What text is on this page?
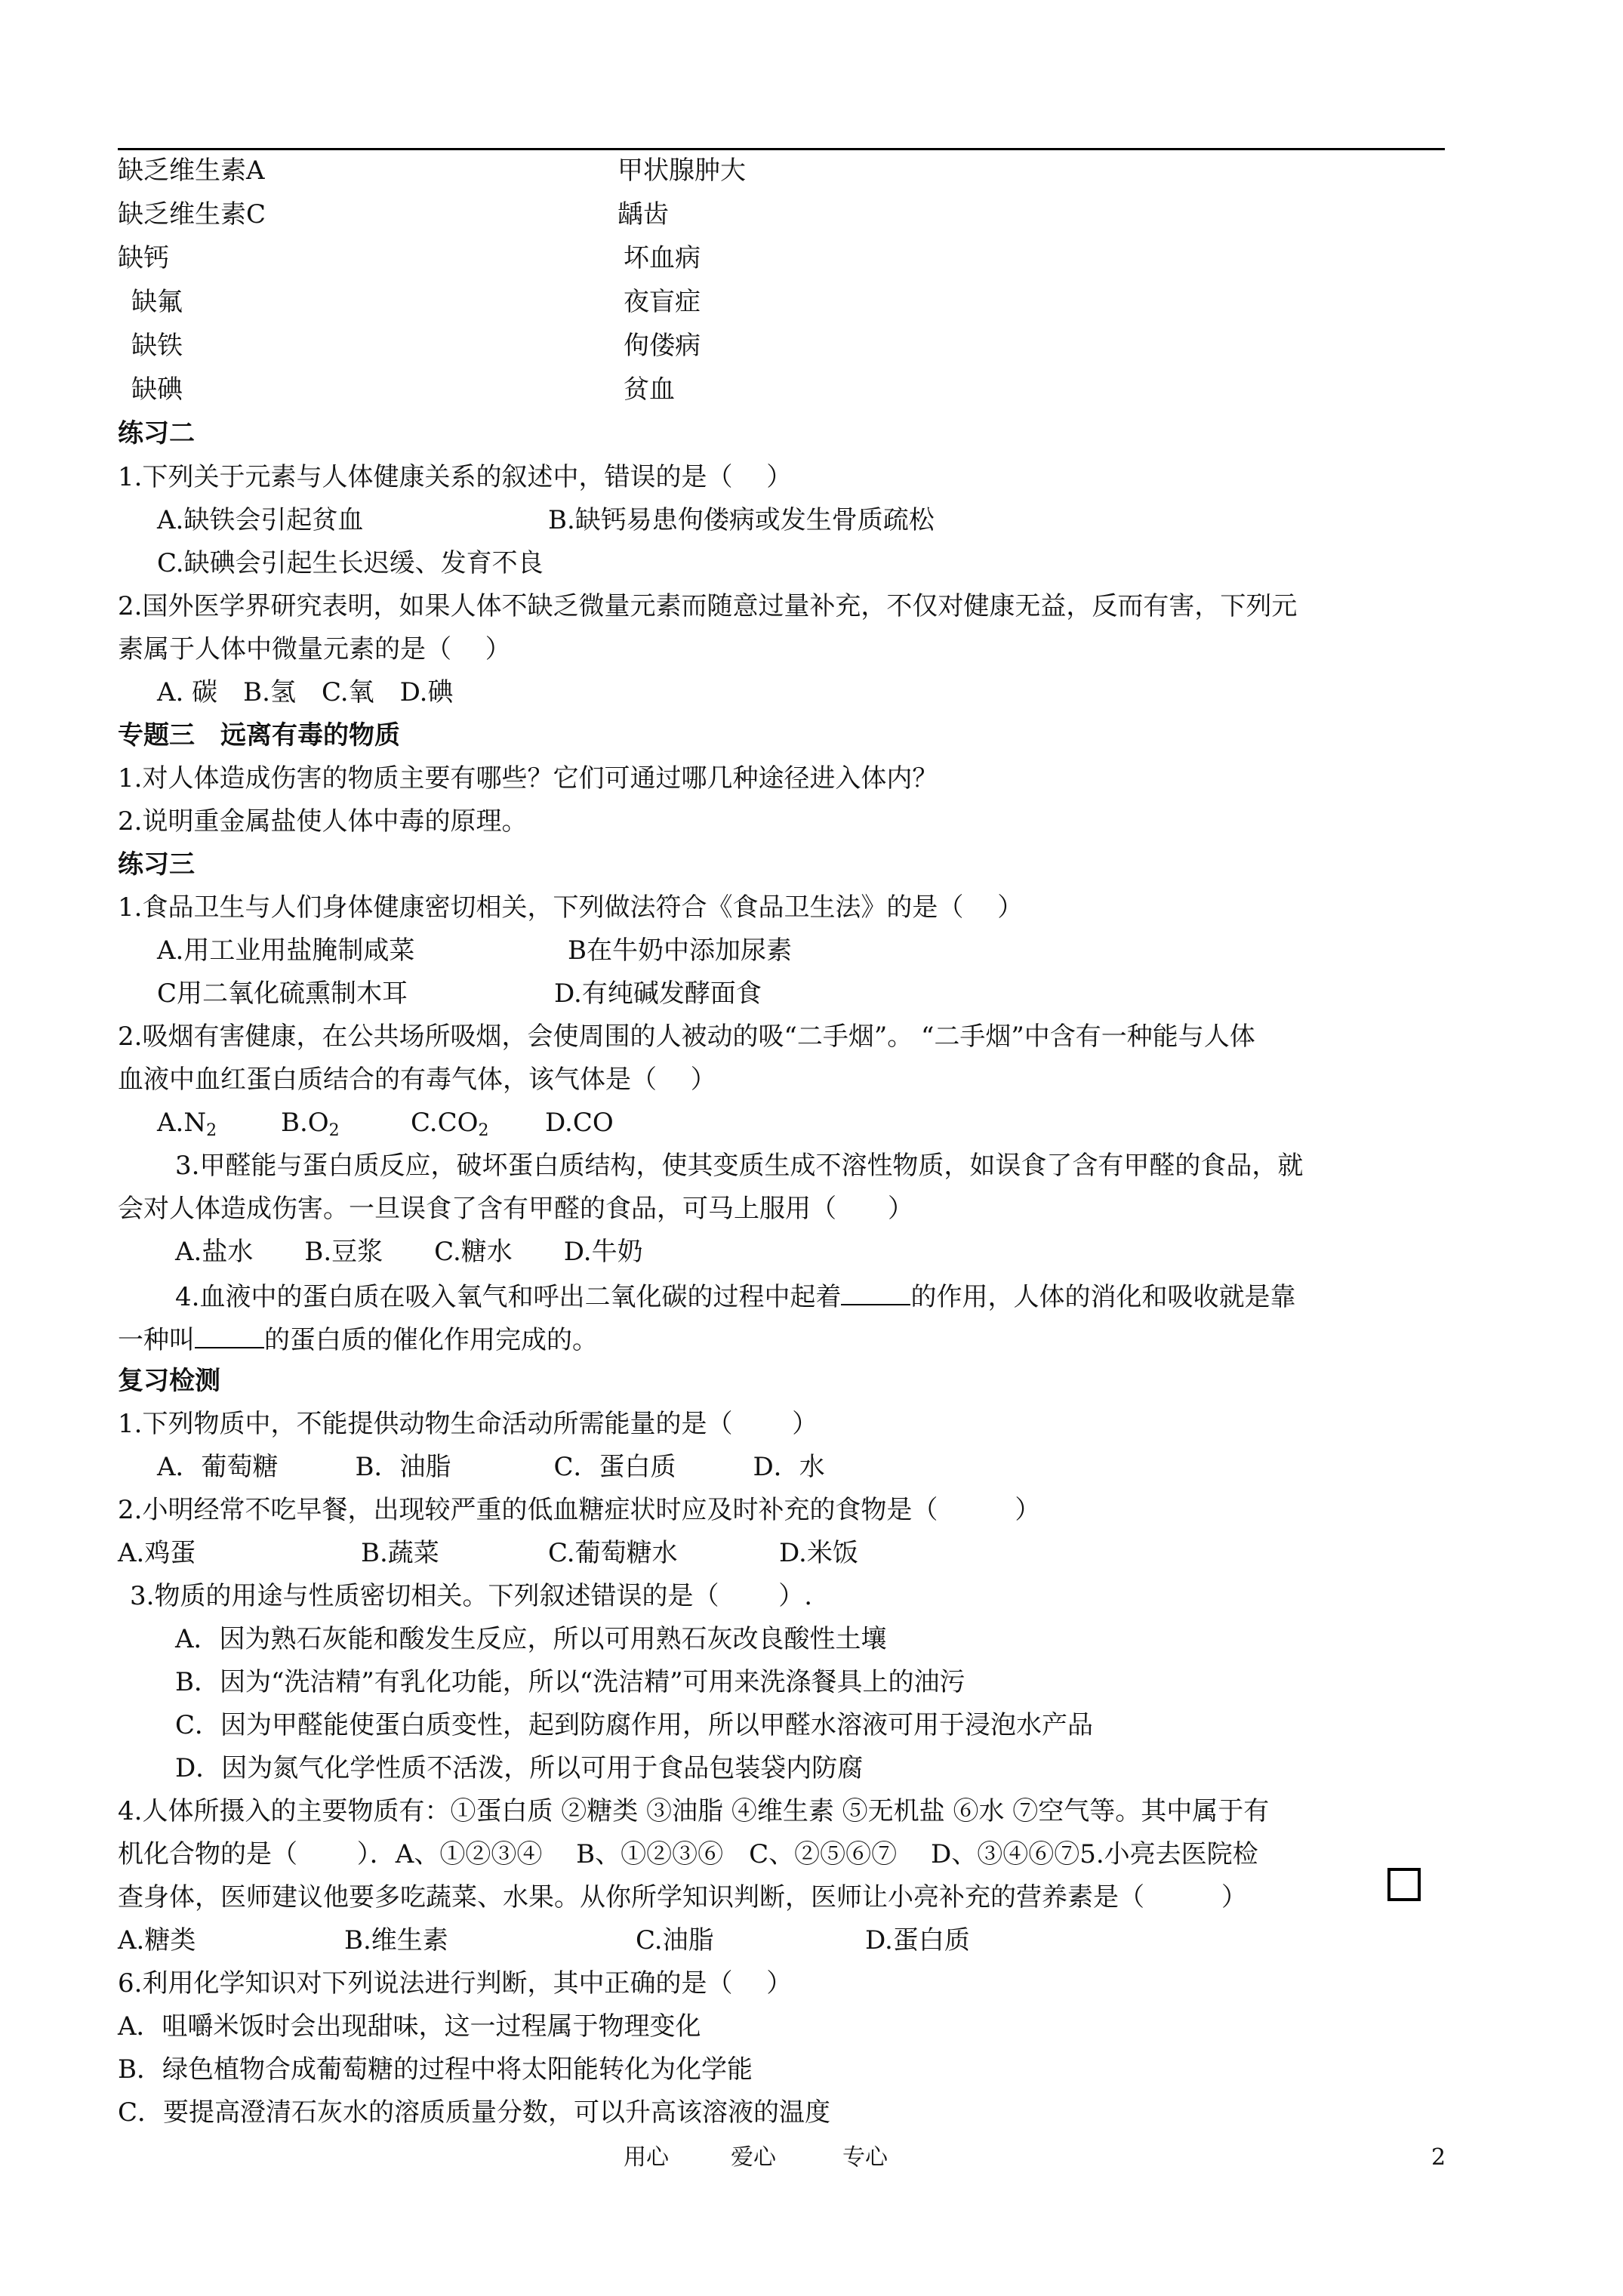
缺乏维生素A	甲状腺肿大
缺乏维生素C	龋齿
缺钙	坏血病
缺氟	夜盲症
缺铁	佝偻病
缺碘	贫血
练习二
1.下列关于元素与人体健康关系的叙述中，错误的是（　 ）
A.缺铁会引起贫血	B.缺钙易患佝偻病或发生骨质疏松
C.缺碘会引起生长迟缓、发育不良
2.国外医学界研究表明，如果人体不缺乏微量元素而随意过量补充，不仅对健康无益，反而有害，下列元
素属于人体中微量元素的是（　 ）
A. 碳　B.氢　C.氧　D.碘
专题三　远离有毒的物质
1.对人体造成伤害的物质主要有哪些？它们可通过哪几种途径进入体内？
2.说明重金属盐使人体中毒的原理。
练习三
1.食品卫生与人们身体健康密切相关，下列做法符合《食品卫生法》的是（　 ）
A.用工业用盐腌制咸菜	B在牛奶中添加尿素
C用二氧化硫熏制木耳	D.有纯碱发酵面食
2.吸烟有害健康，在公共场所吸烟，会使周围的人被动的吸“二手烟”。 “二手烟”中含有一种能与人体
血液中血红蛋白质结合的有毒气体，该气体是（　 ）
$A.N_2$ $B.O_2$	$C.CO_2$ D.CO
3.甲醛能与蛋白质反应，破坏蛋白质结构，使其变质生成不溶性物质，如误食了含有甲醛的食品，就
会对人体造成伤害。一旦误食了含有甲醛的食品，可马上服用（　　）
A.盐水　　B.豆浆　　C.糖水　　D.牛奶
4.血液中的蛋白质在吸入氧气和呼出二氧化碳的过程中起着	的作用，人体的消化和吸收就是靠
一种叫	的蛋白质的催化作用完成的。
复习检测
1.下列物质中，不能提供动物生命活动所需能量的是（　　 ）
A．葡萄糖　　　B．油脂　　　　C．蛋白质　　　D．水
2.小明经常不吃早餐，出现较严重的低血糖症状时应及时补充的食物是（　　　）
A.鸡蛋	B.蔬菜	C.葡萄糖水	D.米饭
3.物质的用途与性质密切相关。下列叙述错误的是（　　 ）.
A．因为熟石灰能和酸发生反应，所以可用熟石灰改良酸性土壤
B．因为“洗洁精”有乳化功能，所以“洗洁精”可用来洗涤餐具上的油污
C．因为甲醛能使蛋白质变性，起到防腐作用，所以甲醛水溶液可用于浸泡水产品
D．因为氮气化学性质不活泼，所以可用于食品包装袋内防腐
4.人体所摄入的主要物质有：①蛋白质 ②糖类 ③油脂 ④维生素 ⑤无机盐 ⑥水 ⑦空气等。其中属于有
机化合物的是（　　 ）．A、①②③④　 B、①②③⑥　C、②⑤⑥⑦　 D、③④⑥⑦5.小亮去医院检
查身体，医师建议他要多吃蔬菜、水果。从你所学知识判断，医师让小亮补充的营养素是（　　　）
A.糖类	B.维生素	C.油脂	D.蛋白质
6.利用化学知识对下列说法进行判断，其中正确的是（　 ）
A．咀嚼米饭时会出现甜味，这一过程属于物理变化
B．绿色植物合成葡萄糖的过程中将太阳能转化为化学能
C．要提高澄清石灰水的溶质质量分数，可以升高该溶液的温度
用心	爱心	专心	2
